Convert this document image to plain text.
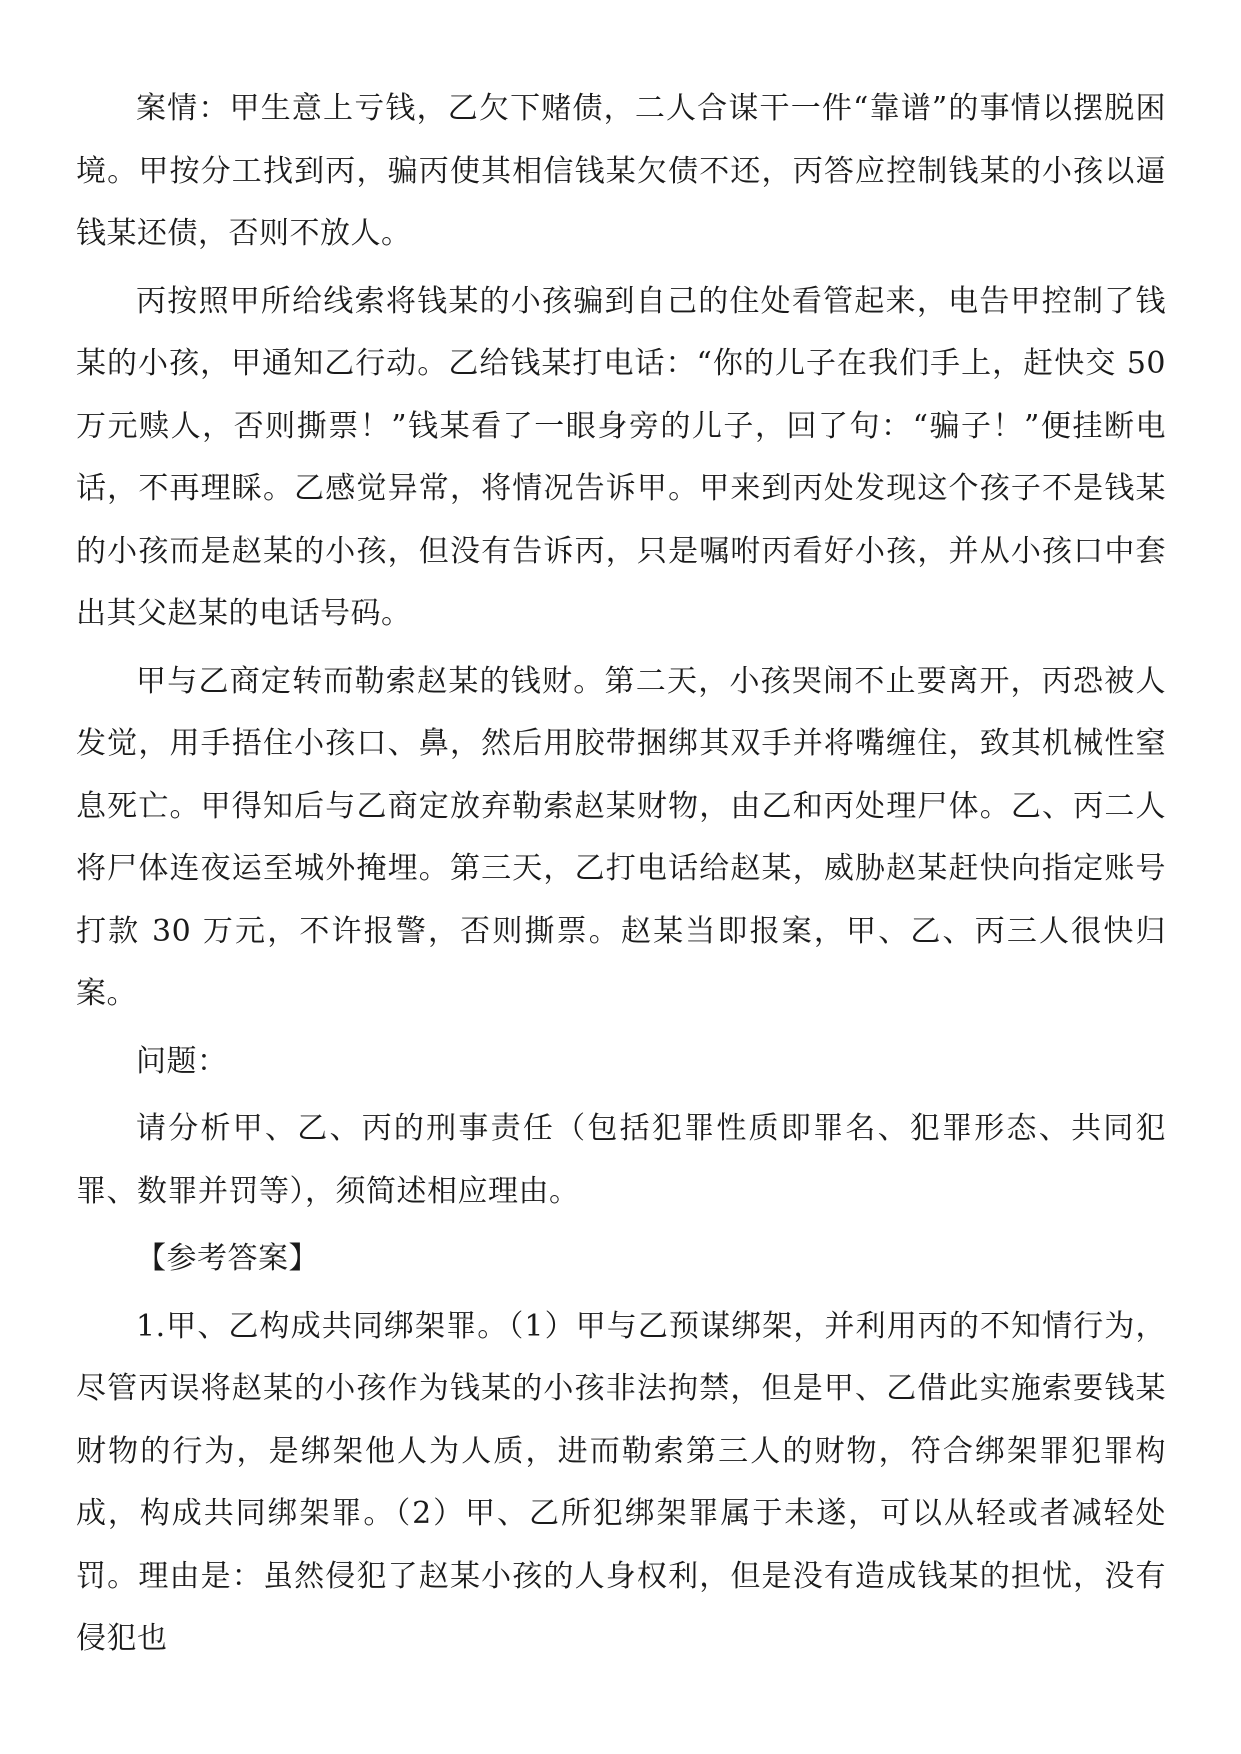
案情：甲生意上亏钱，乙欠下赌债，二人合谋干一件“靠谱”的事情以摆脱困境。甲按分工找到丙，骗丙使其相信钱某欠债不还，丙答应控制钱某的小孩以逼钱某还债，否则不放人。

丙按照甲所给线索将钱某的小孩骗到自己的住处看管起来，电告甲控制了钱某的小孩，甲通知乙行动。乙给钱某打电话：“你的儿子在我们手上，赶快交 50 万元赎人，否则撕票！”钱某看了一眼身旁的儿子，回了句：“骗子！”便挂断电话，不再理睬。乙感觉异常，将情况告诉甲。甲来到丙处发现这个孩子不是钱某的小孩而是赵某的小孩，但没有告诉丙，只是嘱咐丙看好小孩，并从小孩口中套出其父赵某的电话号码。

甲与乙商定转而勒索赵某的钱财。第二天，小孩哭闹不止要离开，丙恐被人发觉，用手捂住小孩口、鼻，然后用胶带捆绑其双手并将嘴缠住，致其机械性窒息死亡。甲得知后与乙商定放弃勒索赵某财物，由乙和丙处理尸体。乙、丙二人将尸体连夜运至城外掩埋。第三天，乙打电话给赵某，威胁赵某赶快向指定账号打款 30 万元，不许报警，否则撕票。赵某当即报案，甲、乙、丙三人很快归案。

问题：

请分析甲、乙、丙的刑事责任（包括犯罪性质即罪名、犯罪形态、共同犯罪、数罪并罚等），须简述相应理由。

【参考答案】

1.甲、乙构成共同绑架罪。（1）甲与乙预谋绑架，并利用丙的不知情行为，尽管丙误将赵某的小孩作为钱某的小孩非法拘禁，但是甲、乙借此实施索要钱某财物的行为，是绑架他人为人质，进而勒索第三人的财物，符合绑架罪犯罪构成，构成共同绑架罪。（2）甲、乙所犯绑架罪属于未遂，可以从轻或者减轻处罚。理由是：虽然侵犯了赵某小孩的人身权利，但是没有造成钱某的担忧，没有侵犯也
